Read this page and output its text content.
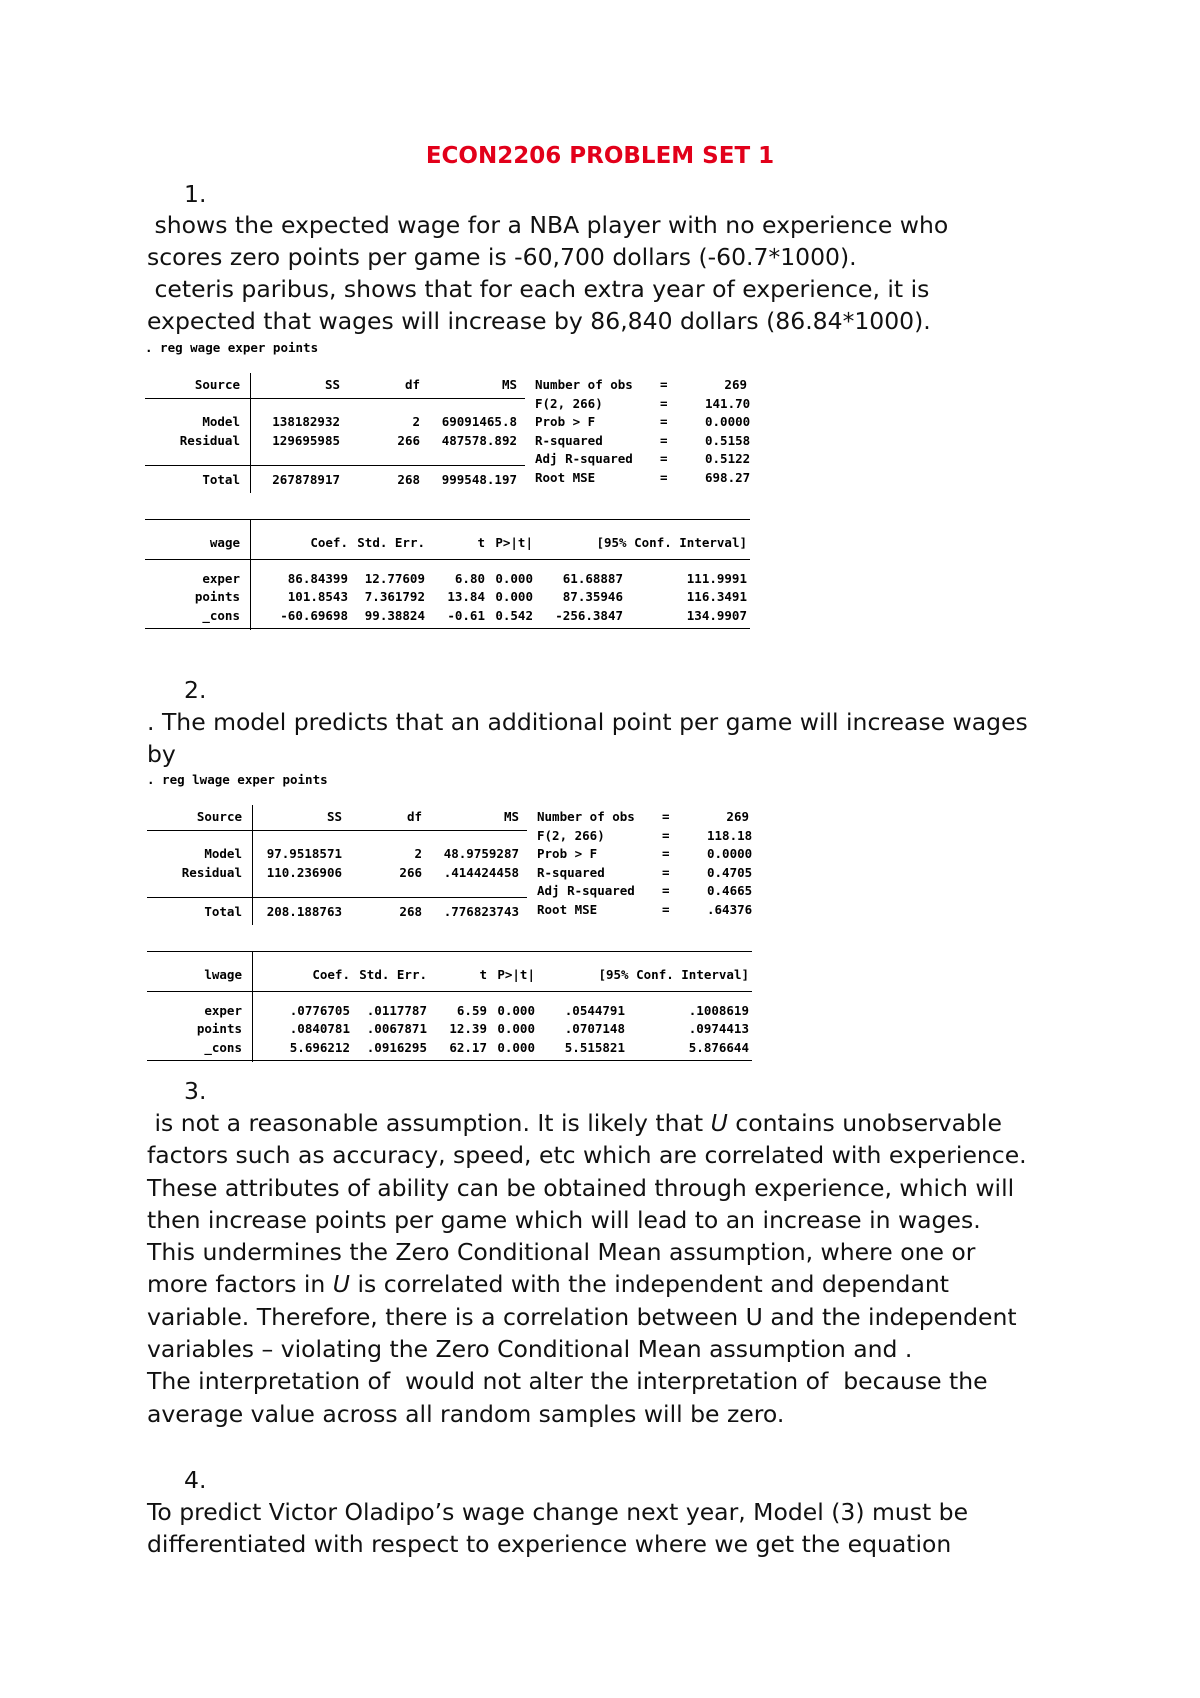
ECON2206 PROBLEM SET 1
1.
shows the expected wage for a NBA player with no experience who
scores zero points per game is -60,700 dollars (-60.7*1000).
ceteris paribus, shows that for each extra year of experience, it is
expected that wages will increase by 86,840 dollars (86.84*1000).
. reg wage exper points
Source	SS	df	MS
Model	138182932	2	69091465.8
Residual	129695985	266	487578.892
Total	267878917	268	999548.197
Number of obs =	269
F(2, 266)	=	141.70
Prob > F	=	0.0000
R-squared	=	0.5158
Adj R-squared =	0.5122
Root MSE	=	698.27
wage	Coef. Std. Err.	t P>|t|	[95% Conf. Interval]
exper	86.84399	12.77609	6.80 0.000	61.68887	111.9991
points	101.8543	7.361792	13.84 0.000	87.35946	116.3491
_cons	-60.69698	99.38824	-0.61 0.542	-256.3847	134.9907
2.
. The model predicts that an additional point per game will increase wages
by
. reg lwage exper points
Source	SS	df	MS
Model	97.9518571	2	48.9759287
Residual	110.236906	266	.414424458
Total	208.188763	268	.776823743
Number of obs =	269
F(2, 266)	=	118.18
Prob > F	=	0.0000
R-squared	=	0.4705
Adj R-squared =	0.4665
Root MSE	=	.64376
lwage	Coef. Std. Err.	t P>|t|	[95% Conf. Interval]
exper	.0776705	.0117787	6.59 0.000	.0544791	.1008619
points	.0840781	.0067871	12.39 0.000	.0707148	.0974413
_cons	5.696212	.0916295	62.17 0.000	5.515821	5.876644
3.
is not a reasonable assumption. It is likely that U contains unobservable
factors such as accuracy, speed, etc which are correlated with experience.
These attributes of ability can be obtained through experience, which will
then increase points per game which will lead to an increase in wages.
This undermines the Zero Conditional Mean assumption, where one or
more factors in U is correlated with the independent and dependant
variable. Therefore, there is a correlation between U and the independent
variables – violating the Zero Conditional Mean assumption and .
The interpretation of  would not alter the interpretation of  because the
average value across all random samples will be zero.
4.
To predict Victor Oladipo’s wage change next year, Model (3) must be
differentiated with respect to experience where we get the equation
